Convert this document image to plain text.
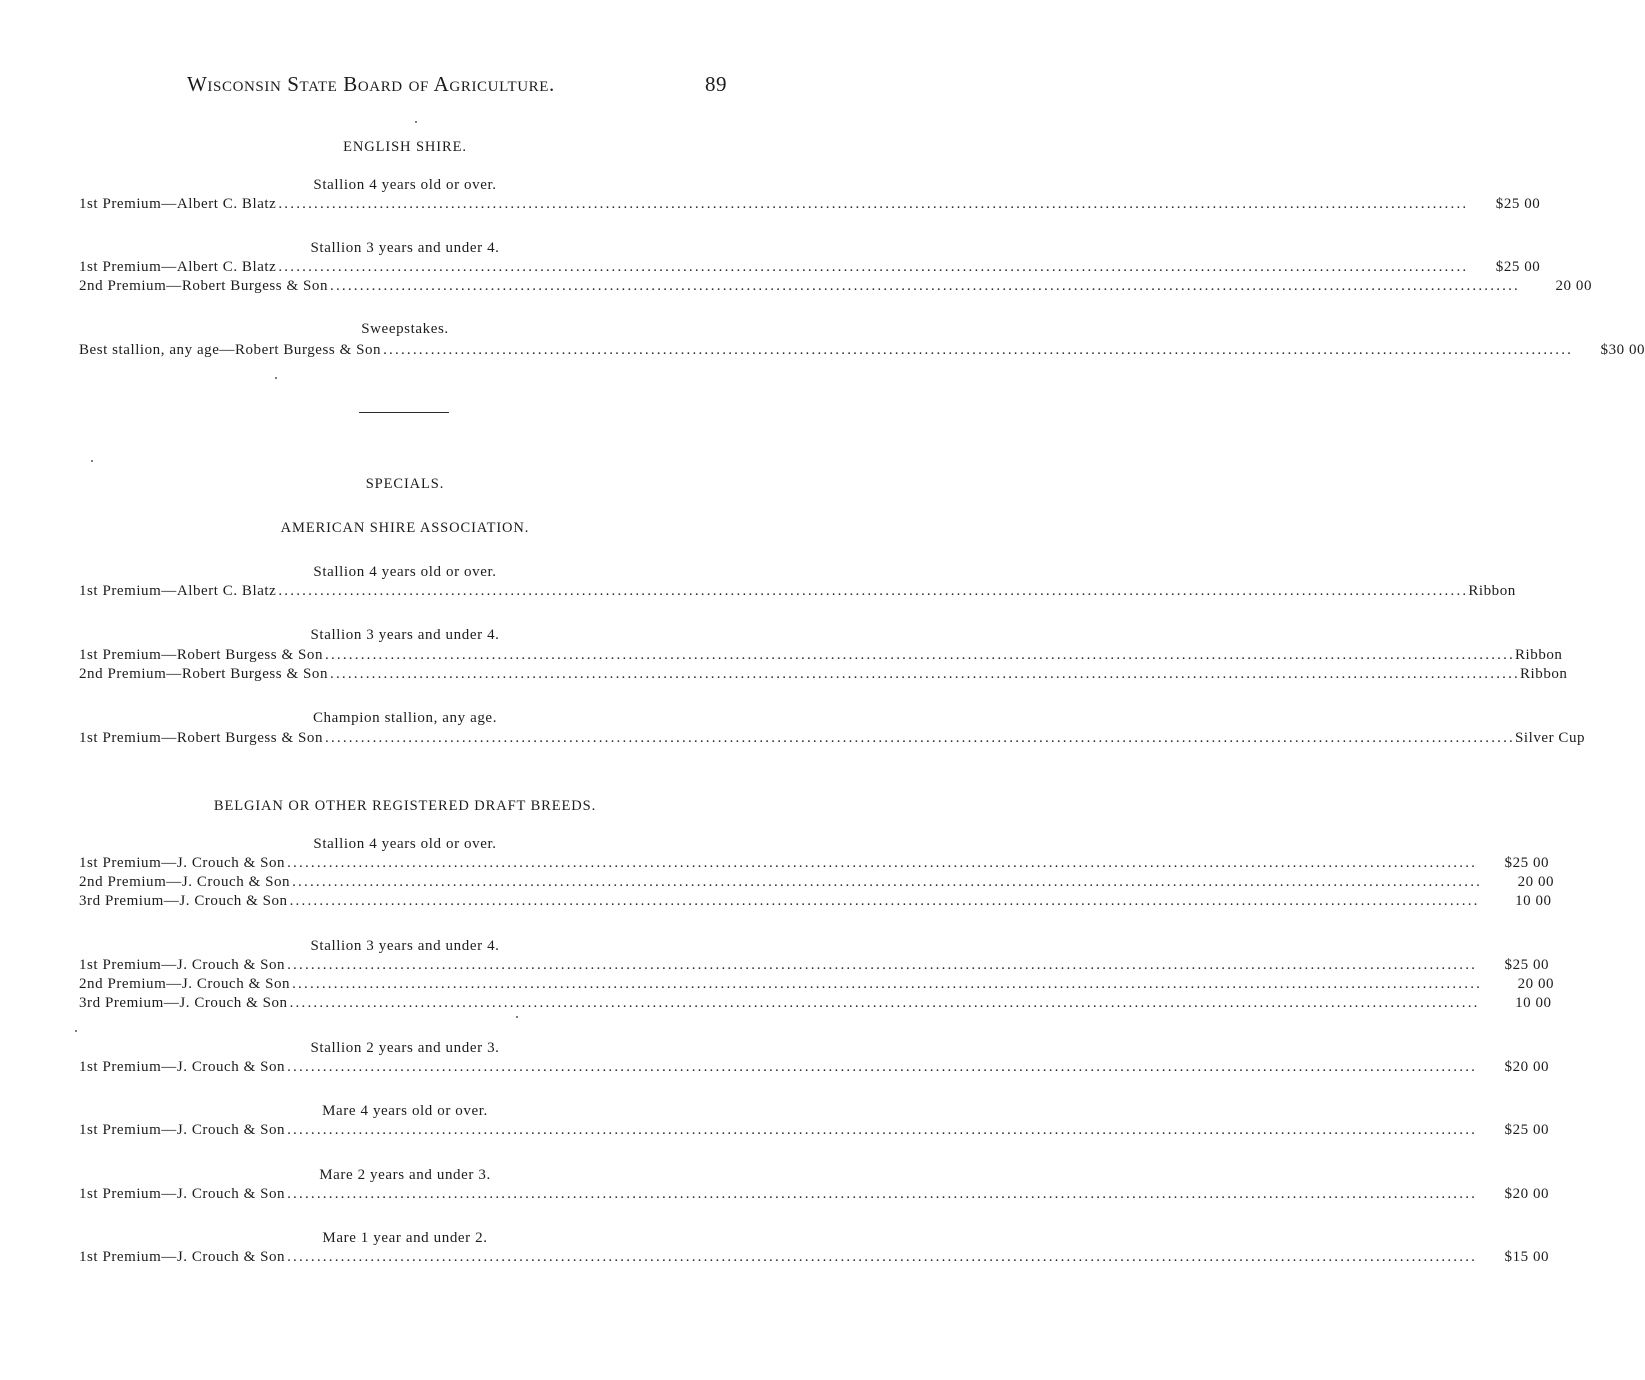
Wisconsin State Board of Agriculture.	89
ENGLISH SHIRE.
Stallion 4 years old or over.
1st Premium—Albert C. Blatz ........................................................................................................................................................................................................	$25 00
Stallion 3 years and under 4.
1st Premium—Albert C. Blatz ........................................................................................................................................................................................................	$25 00
2nd Premium—Robert Burgess & Son ........................................................................................................................................................................................................	20 00
Sweepstakes.
Best stallion, any age—Robert Burgess & Son ........................................................................................................................................................................................................	$30 00
SPECIALS.
AMERICAN SHIRE ASSOCIATION.
Stallion 4 years old or over.
1st Premium—Albert C. Blatz ........................................................................................................................................................................................................ Ribbon
Stallion 3 years and under 4.
1st Premium—Robert Burgess & Son ........................................................................................................................................................................................................ Ribbon
2nd Premium—Robert Burgess & Son ........................................................................................................................................................................................................ Ribbon
Champion stallion, any age.
1st Premium—Robert Burgess & Son ........................................................................................................................................................................................................ Silver Cup
BELGIAN OR OTHER REGISTERED DRAFT BREEDS.
Stallion 4 years old or over.
1st Premium—J. Crouch & Son ........................................................................................................................................................................................................	$25 00
2nd Premium—J. Crouch & Son ........................................................................................................................................................................................................	20 00
3rd Premium—J. Crouch & Son ........................................................................................................................................................................................................	10 00
Stallion 3 years and under 4.
1st Premium—J. Crouch & Son ........................................................................................................................................................................................................	$25 00
2nd Premium—J. Crouch & Son ........................................................................................................................................................................................................	20 00
3rd Premium—J. Crouch & Son ........................................................................................................................................................................................................	10 00
Stallion 2 years and under 3.
1st Premium—J. Crouch & Son ........................................................................................................................................................................................................	$20 00
Mare 4 years old or over.
1st Premium—J. Crouch & Son ........................................................................................................................................................................................................	$25 00
Mare 2 years and under 3.
1st Premium—J. Crouch & Son ........................................................................................................................................................................................................	$20 00
Mare 1 year and under 2.
1st Premium—J. Crouch & Son ........................................................................................................................................................................................................	$15 00
